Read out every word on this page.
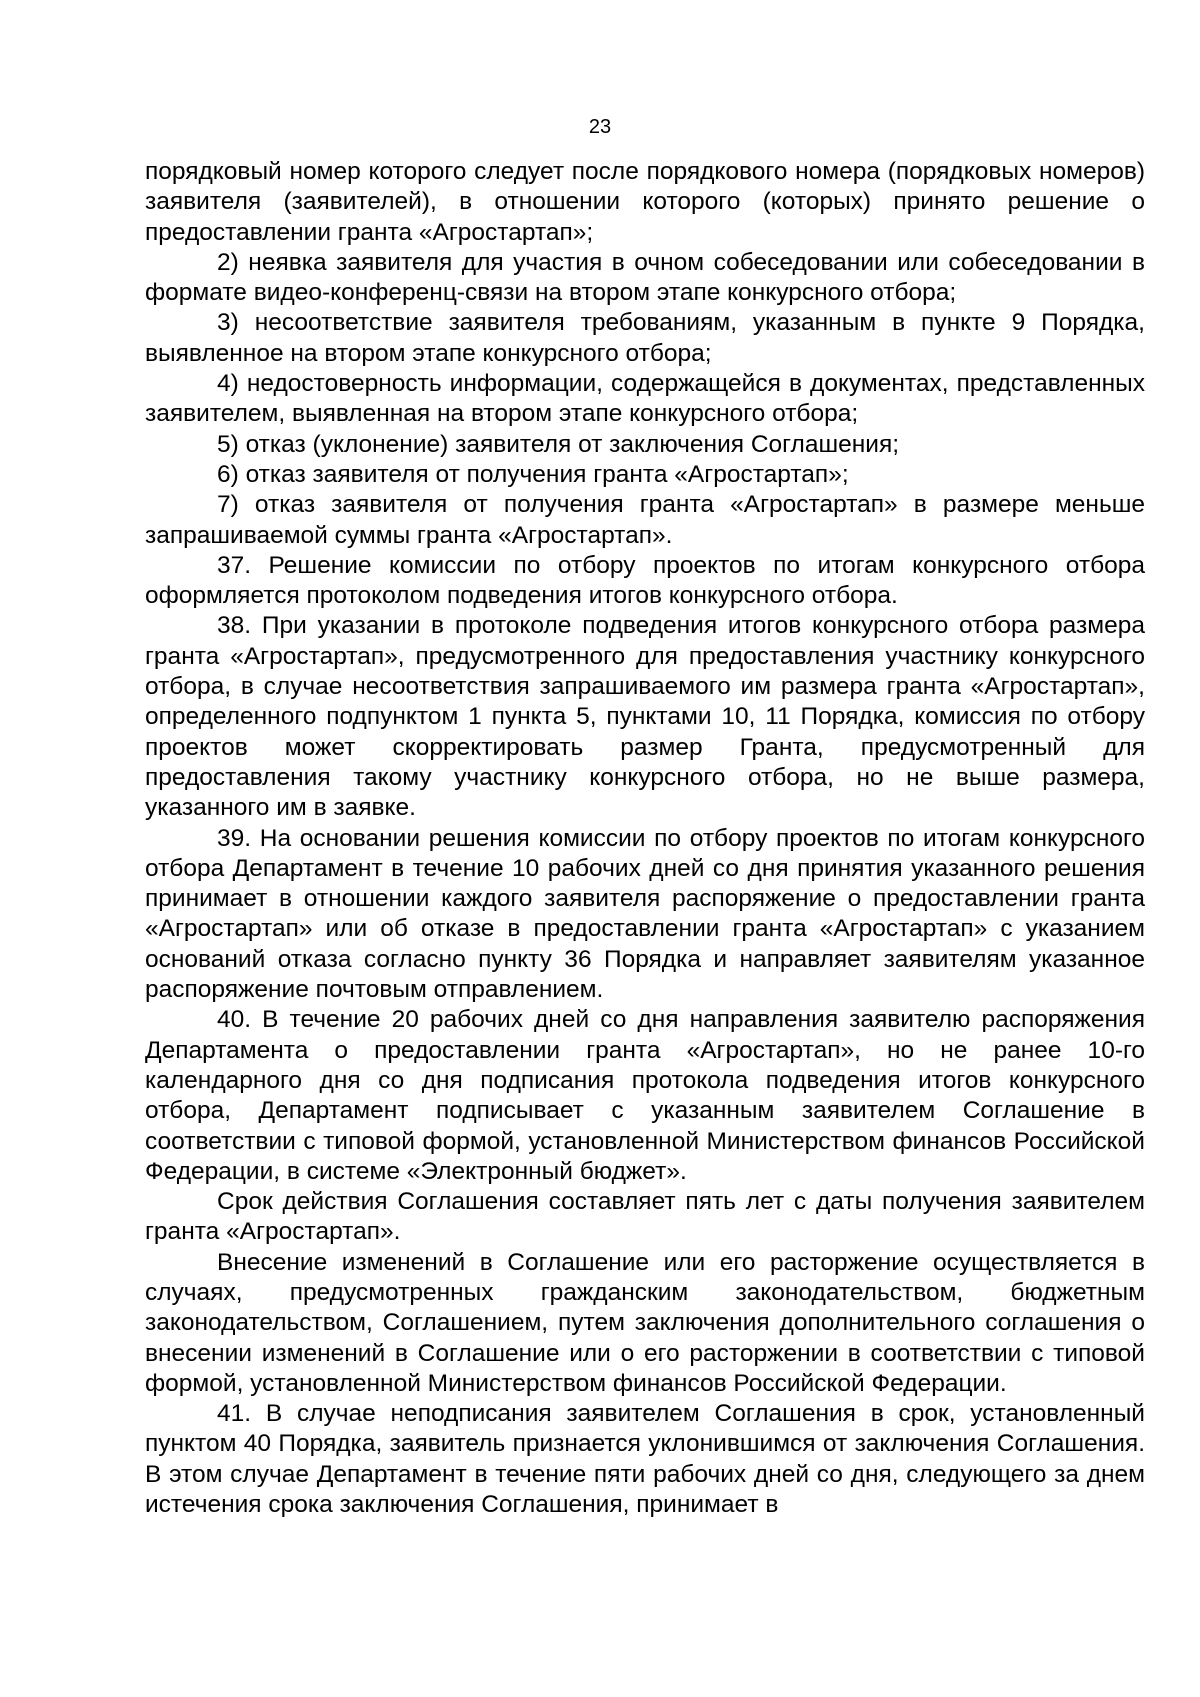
23

порядковый номер которого следует после порядкового номера (порядковых номеров) заявителя (заявителей), в отношении которого (которых) принято решение о предоставлении гранта «Агростартап»;

2) неявка заявителя для участия в очном собеседовании или собеседовании в формате видео-конференц-связи на втором этапе конкурсного отбора;

3) несоответствие заявителя требованиям, указанным в пункте 9 Порядка, выявленное на втором этапе конкурсного отбора;

4) недостоверность информации, содержащейся в документах, представленных заявителем, выявленная на втором этапе конкурсного отбора;

5) отказ (уклонение) заявителя от заключения Соглашения;

6) отказ заявителя от получения гранта «Агростартап»;

7) отказ заявителя от получения гранта «Агростартап» в размере меньше запрашиваемой суммы гранта «Агростартап».

37. Решение комиссии по отбору проектов по итогам конкурсного отбора оформляется протоколом подведения итогов конкурсного отбора.

38. При указании в протоколе подведения итогов конкурсного отбора размера гранта «Агростартап», предусмотренного для предоставления участнику конкурсного отбора, в случае несоответствия запрашиваемого им размера гранта «Агростартап», определенного подпунктом 1 пункта 5, пунктами 10, 11 Порядка, комиссия по отбору проектов может скорректировать размер Гранта, предусмотренный для предоставления такому участнику конкурсного отбора, но не выше размера, указанного им в заявке.

39. На основании решения комиссии по отбору проектов по итогам конкурсного отбора Департамент в течение 10 рабочих дней со дня принятия указанного решения принимает в отношении каждого заявителя распоряжение о предоставлении гранта «Агростартап» или об отказе в предоставлении гранта «Агростартап» с указанием оснований отказа согласно пункту 36 Порядка и направляет заявителям указанное распоряжение почтовым отправлением.

40. В течение 20 рабочих дней со дня направления заявителю распоряжения Департамента о предоставлении гранта «Агростартап», но не ранее 10-го календарного дня со дня подписания протокола подведения итогов конкурсного отбора, Департамент подписывает с указанным заявителем Соглашение в соответствии с типовой формой, установленной Министерством финансов Российской Федерации, в системе «Электронный бюджет».

Срок действия Соглашения составляет пять лет с даты получения заявителем гранта «Агростартап».

Внесение изменений в Соглашение или его расторжение осуществляется в случаях, предусмотренных гражданским законодательством, бюджетным законодательством, Соглашением, путем заключения дополнительного соглашения о внесении изменений в Соглашение или о его расторжении в соответствии с типовой формой, установленной Министерством финансов Российской Федерации.

41. В случае неподписания заявителем Соглашения в срок, установленный пунктом 40 Порядка, заявитель признается уклонившимся от заключения Соглашения. В этом случае Департамент в течение пяти рабочих дней со дня, следующего за днем истечения срока заключения Соглашения, принимает в
